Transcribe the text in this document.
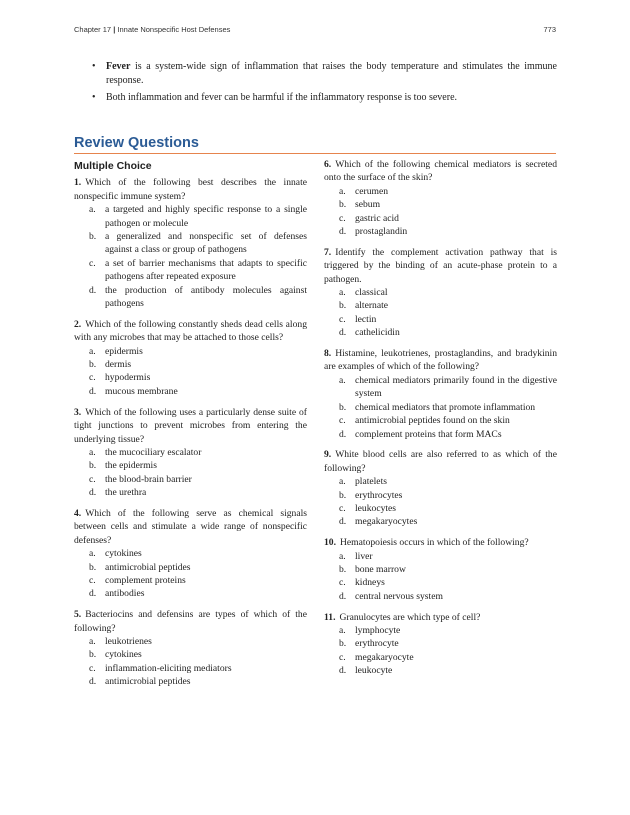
Chapter 17 | Innate Nonspecific Host Defenses	773
• Fever is a system-wide sign of inflammation that raises the body temperature and stimulates the immune response.
• Both inflammation and fever can be harmful if the inflammatory response is too severe.
Review Questions
Multiple Choice
1. Which of the following best describes the innate nonspecific immune system?
a. a targeted and highly specific response to a single pathogen or molecule
b. a generalized and nonspecific set of defenses against a class or group of pathogens
c. a set of barrier mechanisms that adapts to specific pathogens after repeated exposure
d. the production of antibody molecules against pathogens
2. Which of the following constantly sheds dead cells along with any microbes that may be attached to those cells?
a. epidermis
b. dermis
c. hypodermis
d. mucous membrane
3. Which of the following uses a particularly dense suite of tight junctions to prevent microbes from entering the underlying tissue?
a. the mucociliary escalator
b. the epidermis
c. the blood-brain barrier
d. the urethra
4. Which of the following serve as chemical signals between cells and stimulate a wide range of nonspecific defenses?
a. cytokines
b. antimicrobial peptides
c. complement proteins
d. antibodies
5. Bacteriocins and defensins are types of which of the following?
a. leukotrienes
b. cytokines
c. inflammation-eliciting mediators
d. antimicrobial peptides
6. Which of the following chemical mediators is secreted onto the surface of the skin?
a. cerumen
b. sebum
c. gastric acid
d. prostaglandin
7. Identify the complement activation pathway that is triggered by the binding of an acute-phase protein to a pathogen.
a. classical
b. alternate
c. lectin
d. cathelicidin
8. Histamine, leukotrienes, prostaglandins, and bradykinin are examples of which of the following?
a. chemical mediators primarily found in the digestive system
b. chemical mediators that promote inflammation
c. antimicrobial peptides found on the skin
d. complement proteins that form MACs
9. White blood cells are also referred to as which of the following?
a. platelets
b. erythrocytes
c. leukocytes
d. megakaryocytes
10. Hematopoiesis occurs in which of the following?
a. liver
b. bone marrow
c. kidneys
d. central nervous system
11. Granulocytes are which type of cell?
a. lymphocyte
b. erythrocyte
c. megakaryocyte
d. leukocyte
